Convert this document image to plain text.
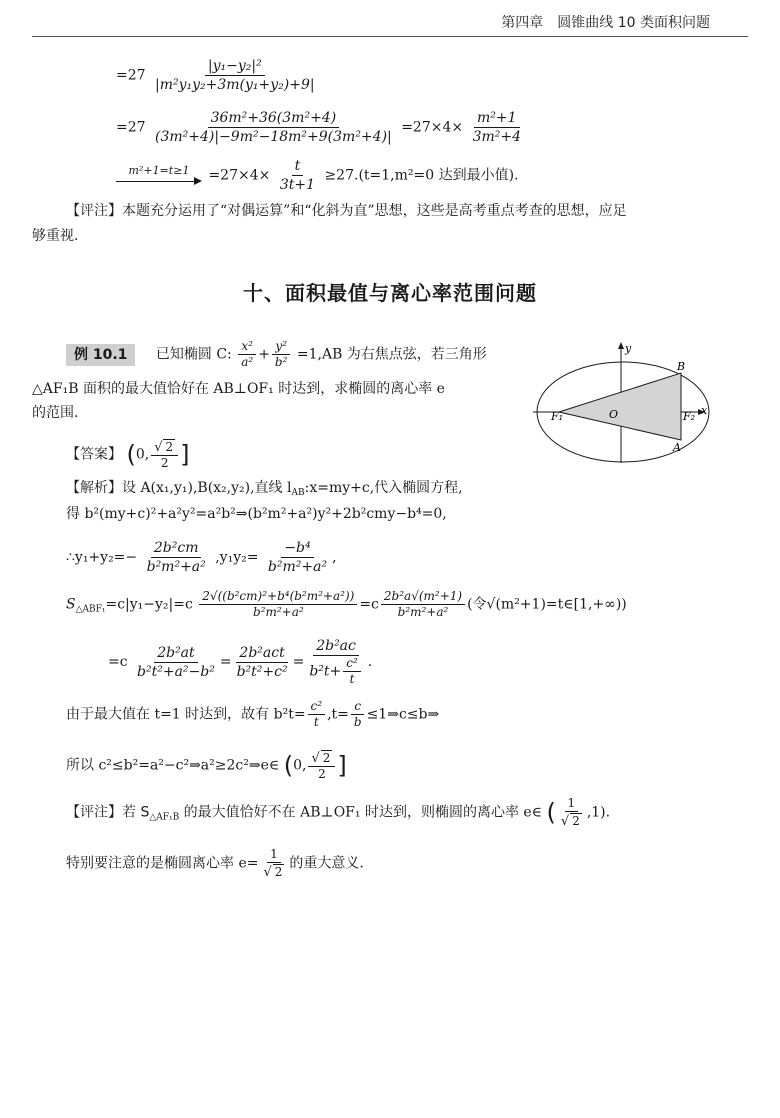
第四章　圆锥曲线 10 类面积问题
$=27 \frac{\text{|y₁−y₂|²}}{\text{|m²y₁y₂+3m(y₁+y₂)+9|}}$
$=27 \frac{\text{36m²+36(3m²+4)}}{\text{(3m²+4)|−9m²−18m²+9(3m²+4)|}} =27\times 4\times \frac{\text{m²+1}}{\text{3m²+4}}$
$m^2+1=t\ge 1 =27\times 4\times \frac{t}{3t+1} \ge 27.(t=1,m^2=0$ 达到最小值).
【评注】本题充分运用了“对偶运算”和“化斜为直”思想，这些是高考重点考查的思想，应足
够重视.
十、面积最值与离心率范围问题
例 10.1 已知椭圆 C: $\frac{\text{x²}}{\text{a²}} + \frac{\text{y²}}{\text{b²}} =1,AB$ 为右焦点弦，若三角形
△AF₁B 面积的最大值恰好在 AB⊥OF₁ 时达到，求椭圆的离心率 e
的范围.
y
x
B
A
F₁	O	F₂
【答案】 (0, $\frac{√ 2}{2}$ ]
【解析】设 A(x₁,y₁),B(x₂,y₂),直线 $l_{AB}:x=my+c$,代入椭圆方程,
得 b²(my+c)²+a²y²=a²b²⇒(b²m²+a²)y²+2b²cmy−b⁴=0,
∴y₁+y₂=− $\frac{\text{2b²cm}}{\text{b²m²+a²}} ,y_1y_2= \frac{\text{−b⁴}}{\text{b²m²+a²}}$ ,
$S_{\triangle ABF_1}=c|y_1-y_2|=c \frac{\text{2√((b²cm)²+b⁴(b²m²+a²))}}{\text{b²m²+a²}} =c \frac{\text{2b²a√(m²+1)}}{\text{b²m²+a²}}$ (令√(m²+1)=t∈[1,+∞))
$=c \frac{\text{2b²at}}{\text{b²t²+a²−b²}} = \frac{\text{2b²act}}{\text{b²t²+c²}} = \frac{\text{2b²ac}}{b^2t+ \frac{\text{c²}}{t}}$ .
由于最大值在 t=1 时达到，故有 $b^2t= \frac{\text{c²}}{t} ,t= \frac{c}{b}$ ≤1⇒c≤b⇒
所以 c²≤b²=a²−c²⇒a²≥2c²⇒e∈ (0, $\frac{√ 2}{2}$ ]
【评注】若 $S_{\triangle AF_1B}$ 的最大值恰好不在 AB⊥OF₁ 时达到，则椭圆的离心率 e∈ ( $\frac{1}{√ 2} ,1$).
特别要注意的是椭圆离心率 $e= \frac{1}{√ 2}$ 的重大意义.
